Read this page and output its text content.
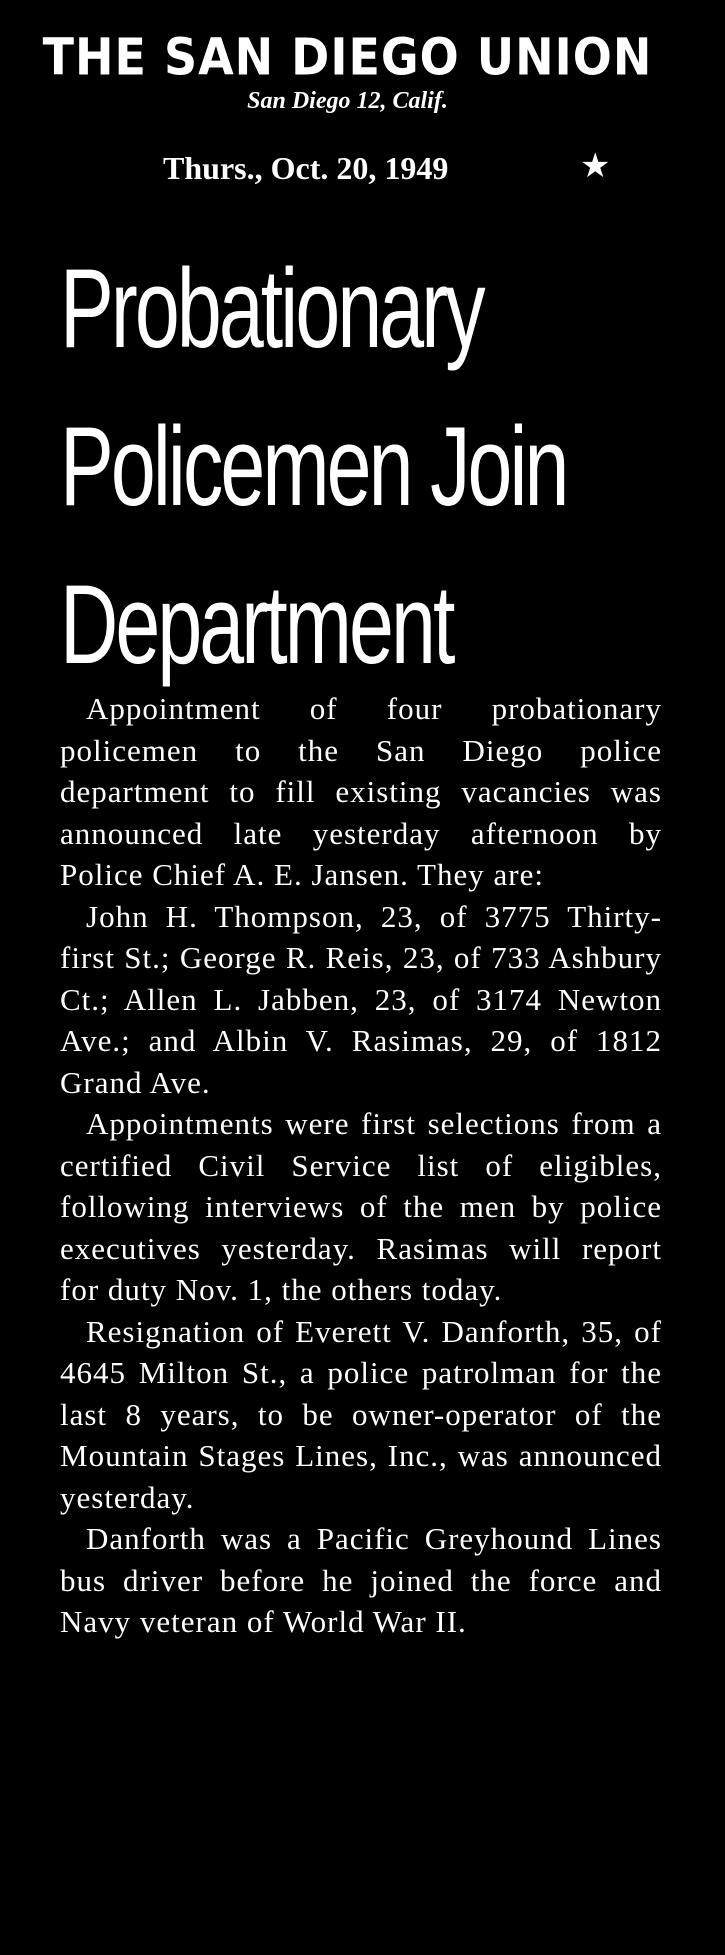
THE SAN DIEGO UNION
San Diego 12, Calif.
Thurs., Oct. 20, 1949	★
Probationary
Policemen Join
Department

Appointment of four probationary policemen to the San Diego police department to fill existing vacancies was announced late yesterday afternoon by Police Chief A. E. Jansen. They are:

John H. Thompson, 23, of 3775 Thirty-first St.; George R. Reis, 23, of 733 Ashbury Ct.; Allen L. Jabben, 23, of 3174 Newton Ave.; and Albin V. Rasimas, 29, of 1812 Grand Ave.

Appointments were first selections from a certified Civil Service list of eligibles, following interviews of the men by police executives yesterday. Rasimas will report for duty Nov. 1, the others today.

Resignation of Everett V. Danforth, 35, of 4645 Milton St., a police patrolman for the last 8 years, to be owner-operator of the Mountain Stages Lines, Inc., was announced yesterday.

Danforth was a Pacific Greyhound Lines bus driver before he joined the force and Navy veteran of World War II.
